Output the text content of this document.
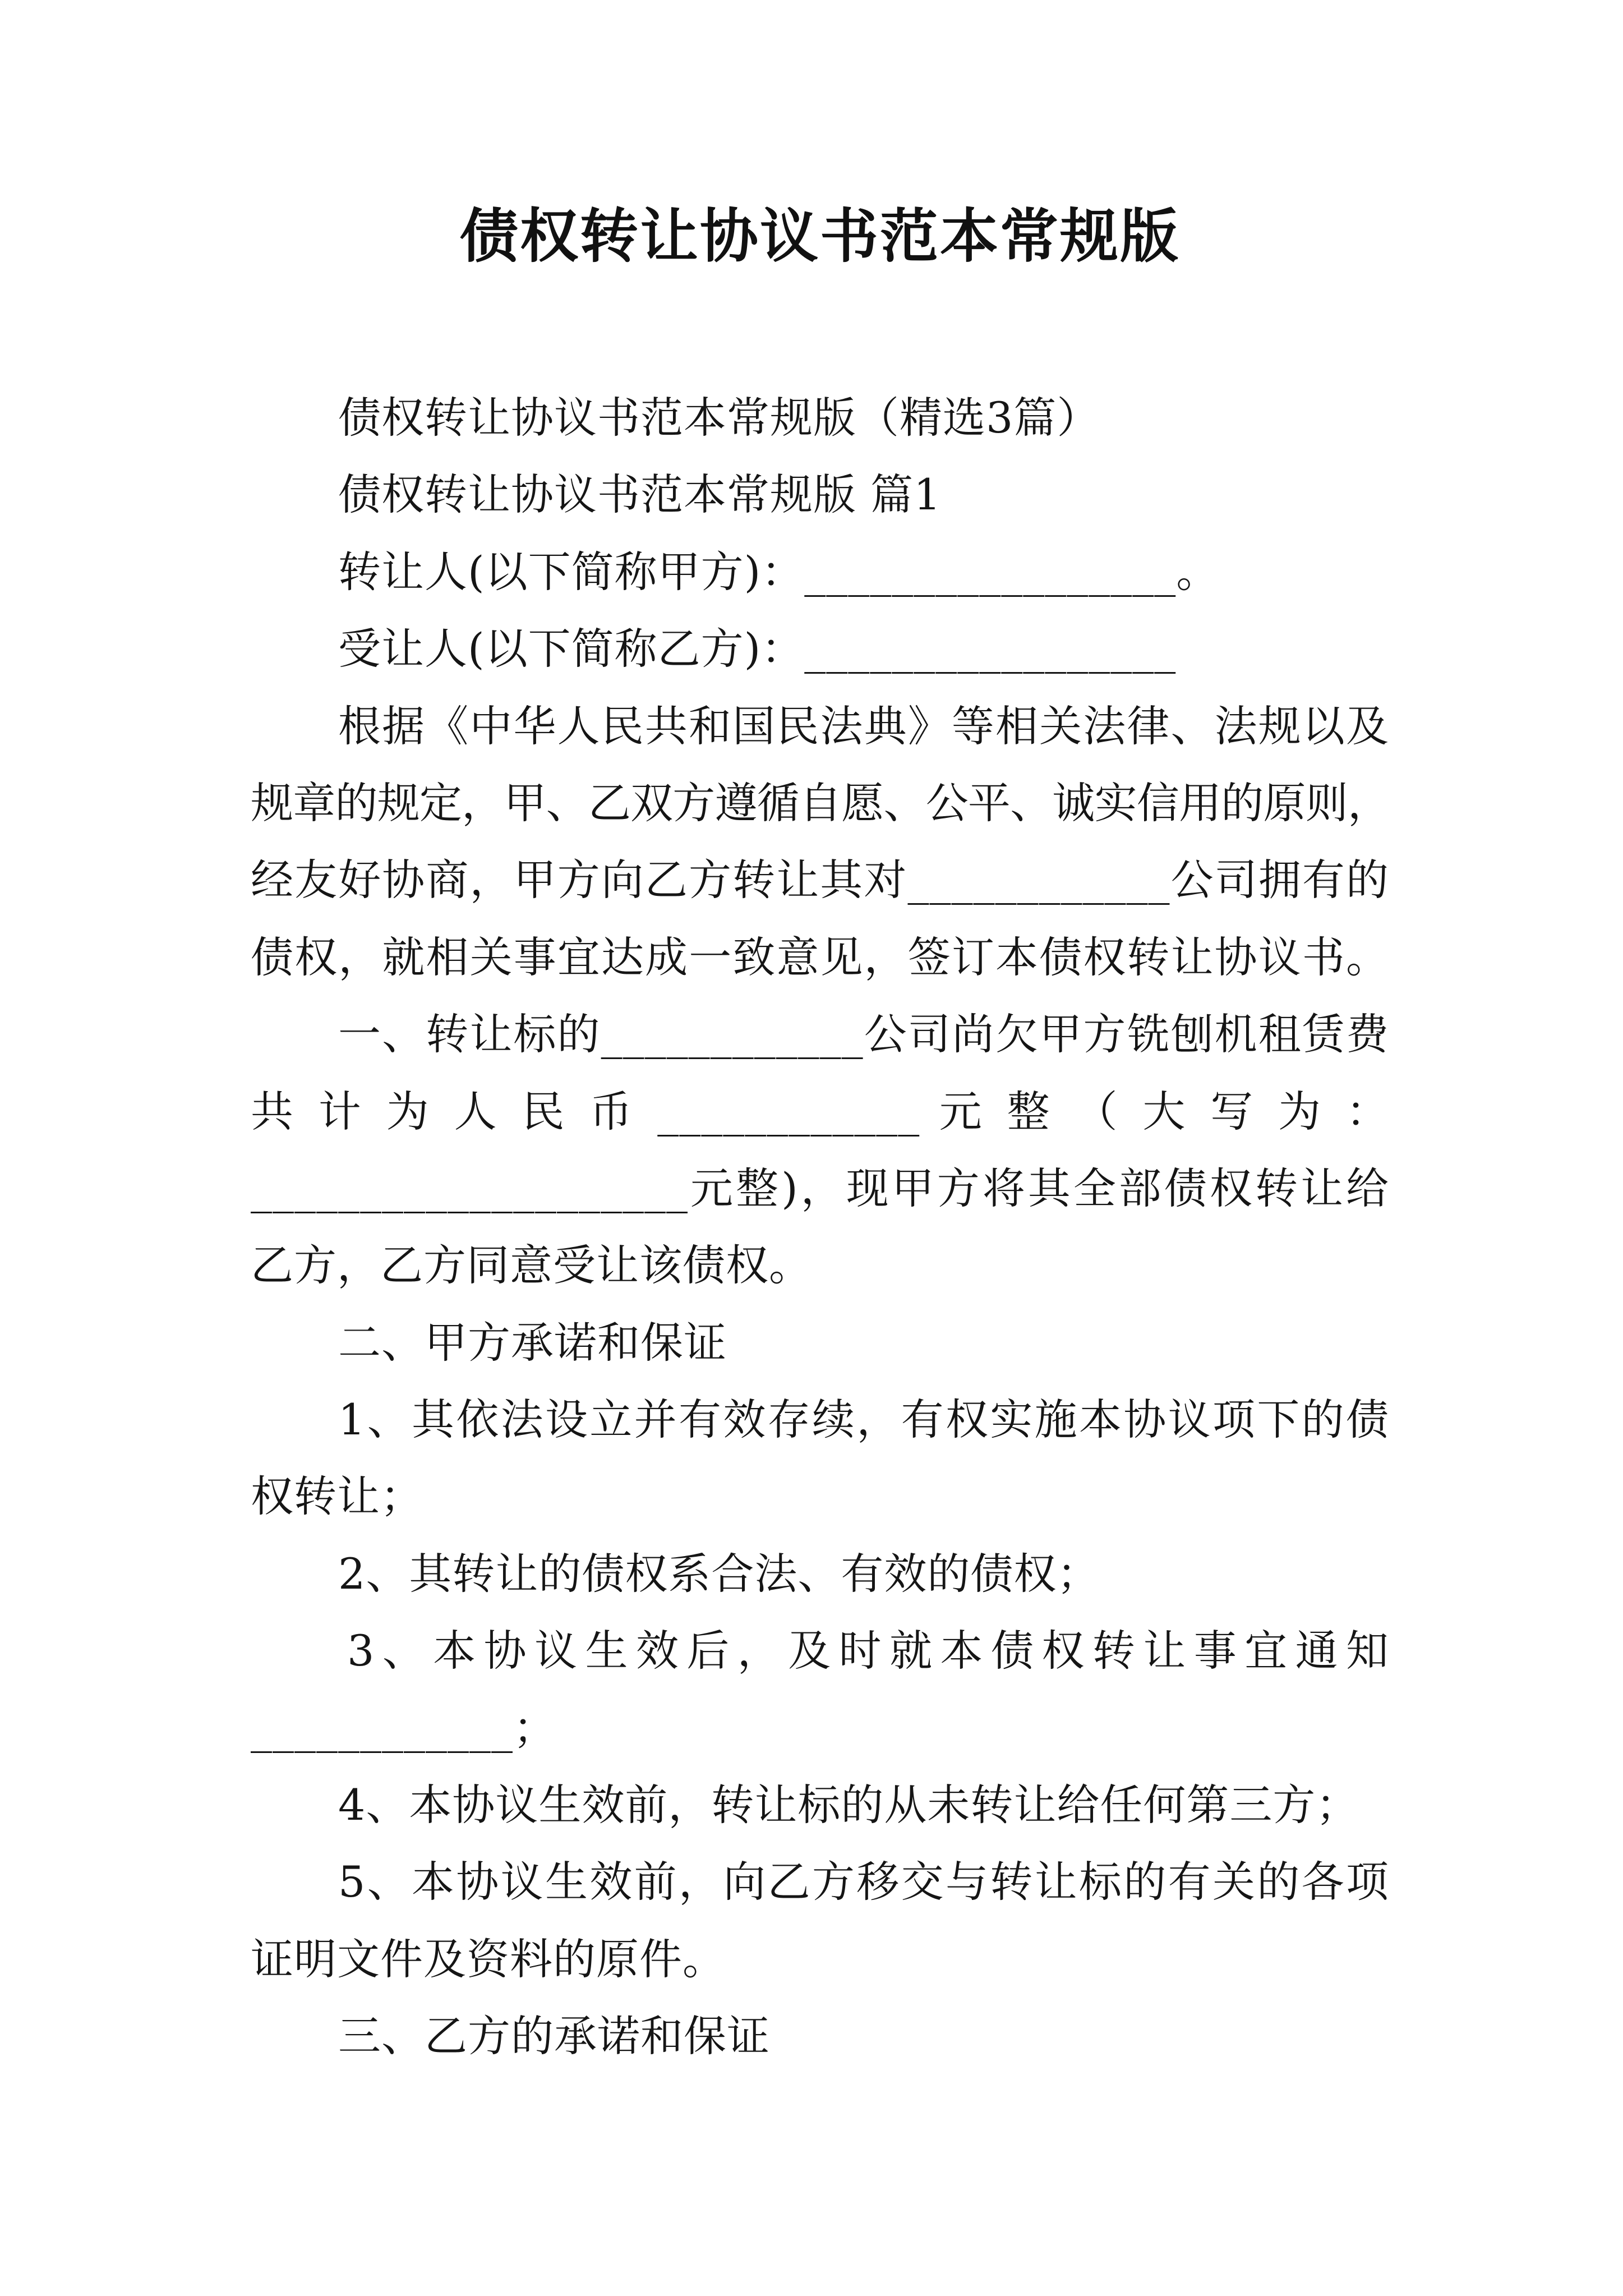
债权转让协议书范本常规版
债权转让协议书范本常规版（精选3篇）
债权转让协议书范本常规版 篇1
转让人(以下简称甲方)：_________________。
受让人(以下简称乙方)：_________________
根据《中华人民共和国民法典》等相关法律、法规以及
规章的规定，甲、乙双方遵循自愿、公平、诚实信用的原则，
经友好协商，甲方向乙方转让其对____________公司拥有的
债权，就相关事宜达成一致意见，签订本债权转让协议书。
一、转让标的____________公司尚欠甲方铣刨机租赁费
共 计 为 人 民 币 ____________ 元 整 （ 大 写 为 ：
____________________元整)，现甲方将其全部债权转让给
乙方，乙方同意受让该债权。
二、甲方承诺和保证
1、其依法设立并有效存续，有权实施本协议项下的债
权转让；
2、其转让的债权系合法、有效的债权；
3、本协议生效后，及时就本债权转让事宜通知
____________；
4、本协议生效前，转让标的从未转让给任何第三方；
5、本协议生效前，向乙方移交与转让标的有关的各项
证明文件及资料的原件。
三、乙方的承诺和保证
